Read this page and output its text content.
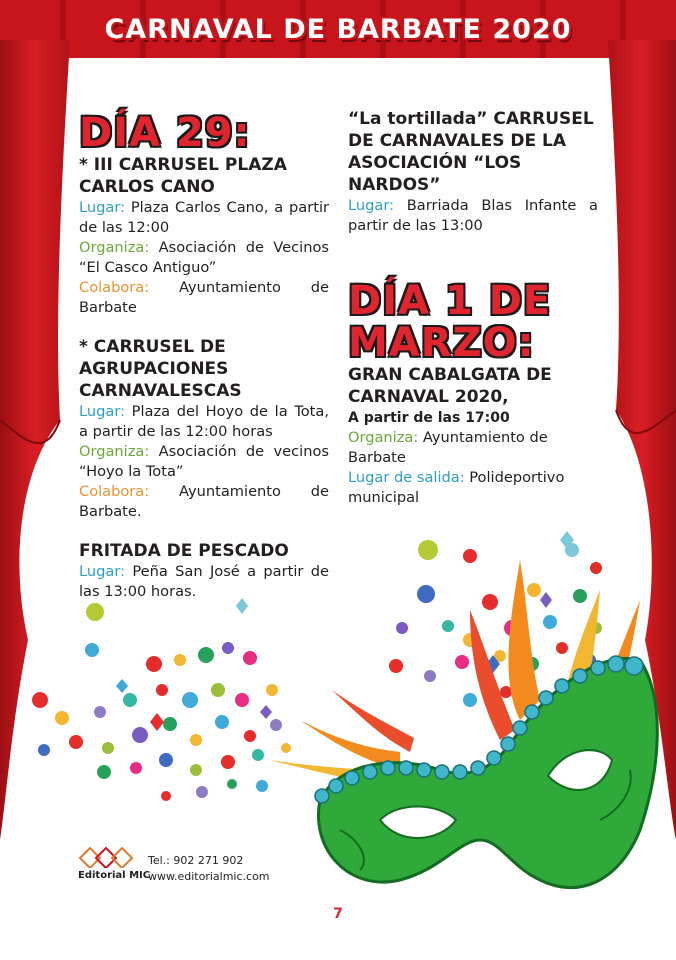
CARNAVAL DE BARBATE 2020
DÍA 29:
* III CARRUSEL PLAZA CARLOS CANO
Lugar: Plaza Carlos Cano, a partir de las 12:00
Organiza: Asociación de Vecinos “El Casco Antiguo”
Colabora: Ayuntamiento de Barbate
* CARRUSEL DE AGRUPACIONES CARNAVALESCAS
Lugar: Plaza del Hoyo de la Tota, a partir de las 12:00 horas
Organiza: Asociación de vecinos “Hoyo la Tota”
Colabora: Ayuntamiento de Barbate.
FRITADA DE PESCADO
Lugar: Peña San José a partir de las 13:00 horas.
“La tortillada” CARRUSEL DE CARNAVALES DE LA ASOCIACIÓN “LOS NARDOS”
Lugar: Barriada Blas Infante a partir de las 13:00
DÍA 1 DE MARZO:
GRAN CABALGATA DE CARNAVAL 2020,
A partir de las 17:00
Organiza: Ayuntamiento de Barbate
Lugar de salida: Polideportivo municipal
Editorial MIC
Tel.: 902 271 902
www.editorialmic.com
7
